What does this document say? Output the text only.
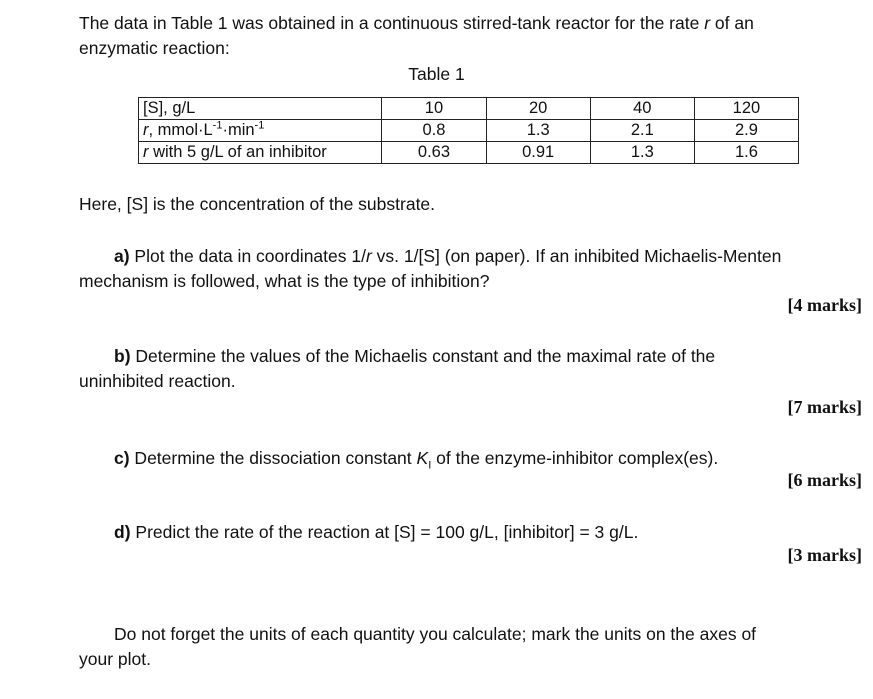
The data in Table 1 was obtained in a continuous stirred-tank reactor for the rate r of an
enzymatic reaction:
Table 1
[S], g/L	10	20	40	120
r, $mmol\cdot L^{-1}\cdot\min^{-1}$	0.8	1.3	2.1	2.9
r with 5 g/L of an inhibitor	0.63	0.91	1.3	1.6
Here, [S] is the concentration of the substrate.
a) Plot the data in coordinates 1/r vs. 1/[S] (on paper). If an inhibited Michaelis-Menten
mechanism is followed, what is the type of inhibition?
[4 marks]
b) Determine the values of the Michaelis constant and the maximal rate of the
uninhibited reaction.
[7 marks]
c) Determine the dissociation constant $K_I$ of the enzyme-inhibitor complex(es).
[6 marks]
d) Predict the rate of the reaction at [S] = 100 g/L, [inhibitor] = 3 g/L.
[3 marks]
Do not forget the units of each quantity you calculate; mark the units on the axes of
your plot.
